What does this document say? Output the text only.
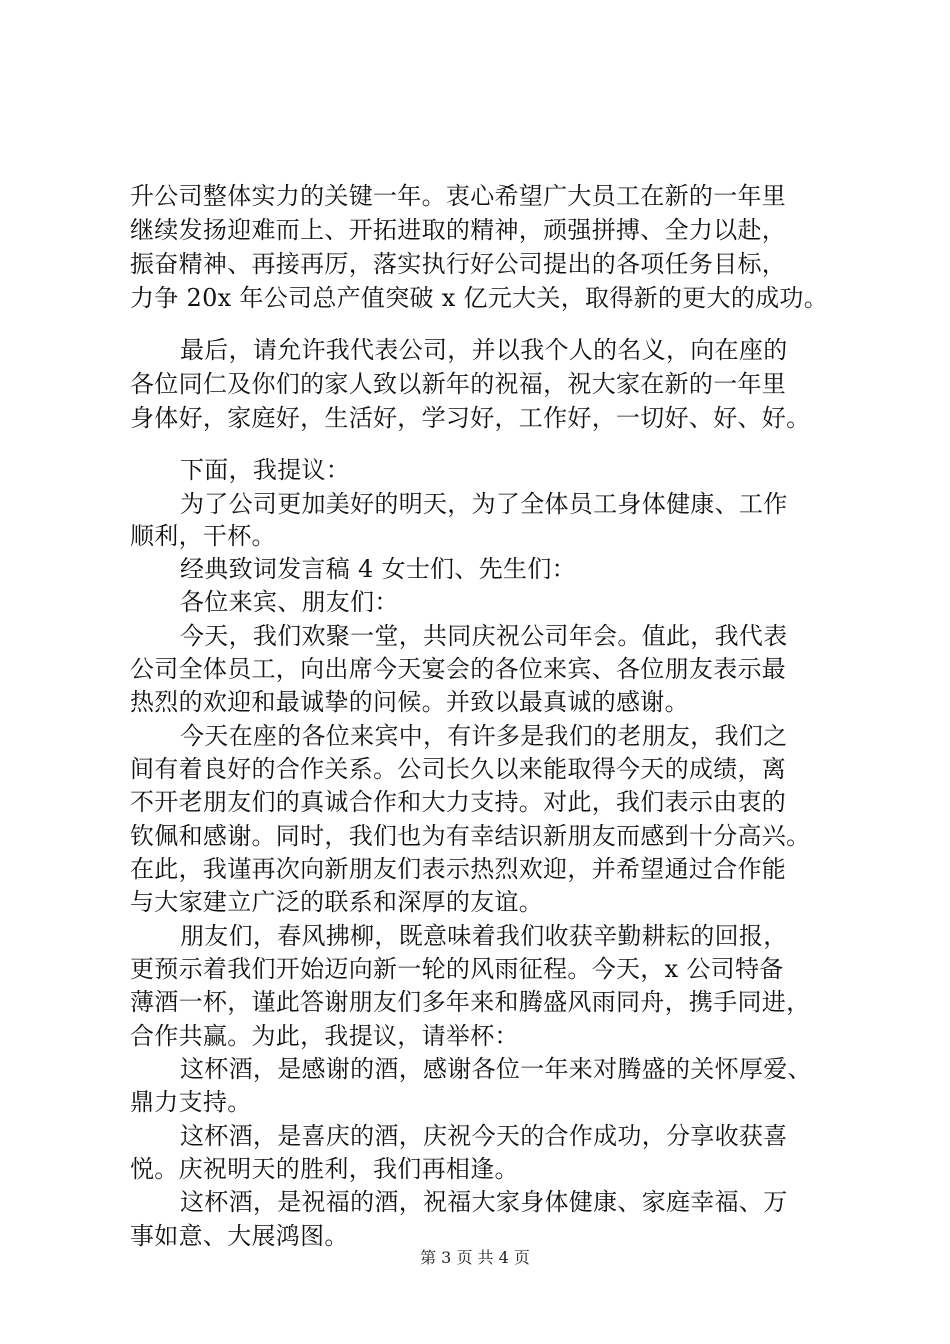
升公司整体实力的关键一年。衷心希望广大员工在新的一年里
继续发扬迎难而上、开拓进取的精神，顽强拼搏、全力以赴，
振奋精神、再接再厉，落实执行好公司提出的各项任务目标，
力争 20x 年公司总产值突破 x 亿元大关，取得新的更大的成功。
最后，请允许我代表公司，并以我个人的名义，向在座的
各位同仁及你们的家人致以新年的祝福，祝大家在新的一年里
身体好，家庭好，生活好，学习好，工作好，一切好、好、好。
下面，我提议：
为了公司更加美好的明天，为了全体员工身体健康、工作
顺利，干杯。
经典致词发言稿 4 女士们、先生们：
各位来宾、朋友们：
今天，我们欢聚一堂，共同庆祝公司年会。值此，我代表
公司全体员工，向出席今天宴会的各位来宾、各位朋友表示最
热烈的欢迎和最诚挚的问候。并致以最真诚的感谢。
今天在座的各位来宾中，有许多是我们的老朋友，我们之
间有着良好的合作关系。公司长久以来能取得今天的成绩，离
不开老朋友们的真诚合作和大力支持。对此，我们表示由衷的
钦佩和感谢。同时，我们也为有幸结识新朋友而感到十分高兴。
在此，我谨再次向新朋友们表示热烈欢迎，并希望通过合作能
与大家建立广泛的联系和深厚的友谊。
朋友们，春风拂柳，既意味着我们收获辛勤耕耘的回报，
更预示着我们开始迈向新一轮的风雨征程。今天，x 公司特备
薄酒一杯，谨此答谢朋友们多年来和腾盛风雨同舟，携手同进，
合作共赢。为此，我提议，请举杯：
这杯酒，是感谢的酒，感谢各位一年来对腾盛的关怀厚爱、
鼎力支持。
这杯酒，是喜庆的酒，庆祝今天的合作成功，分享收获喜
悦。庆祝明天的胜利，我们再相逢。
这杯酒，是祝福的酒，祝福大家身体健康、家庭幸福、万
事如意、大展鸿图。
第 3 页 共 4 页
